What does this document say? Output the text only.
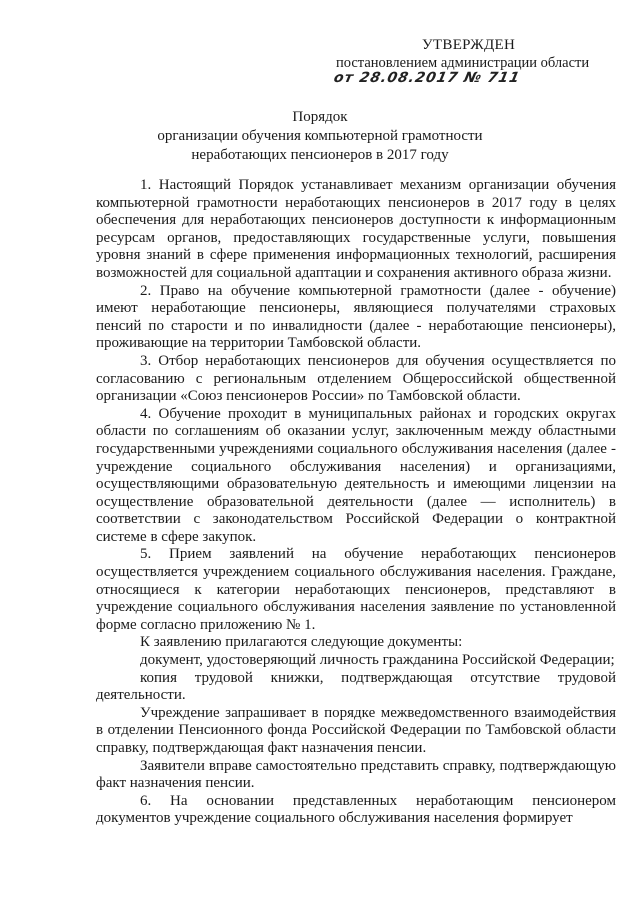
УТВЕРЖДЕН
постановлением администрации области
от 28.08.2017 № 711
Порядок
организации обучения компьютерной грамотности
неработающих пенсионеров в 2017 году

1. Настоящий Порядок устанавливает механизм организации обучения компьютерной грамотности неработающих пенсионеров в 2017 году в целях обеспечения для неработающих пенсионеров доступности к информационным ресурсам органов, предоставляющих государственные услуги, повышения уровня знаний в сфере применения информационных технологий, расширения возможностей для социальной адаптации и сохранения активного образа жизни.

2. Право на обучение компьютерной грамотности (далее - обучение) имеют неработающие пенсионеры, являющиеся получателями страховых пенсий по старости и по инвалидности (далее - неработающие пенсионеры), проживающие на территории Тамбовской области.

3. Отбор неработающих пенсионеров для обучения осуществляется по согласованию с региональным отделением Общероссийской общественной организации «Союз пенсионеров России» по Тамбовской области.

4. Обучение проходит в муниципальных районах и городских округах области по соглашениям об оказании услуг, заключенным между областными государственными учреждениями социального обслуживания населения (далее - учреждение социального обслуживания населения) и организациями, осуществляющими образовательную деятельность и имеющими лицензии на осуществление образовательной деятельности (далее — исполнитель) в соответствии с законодательством Российской Федерации о контрактной системе в сфере закупок.

5. Прием заявлений на обучение неработающих пенсионеров осуществляется учреждением социального обслуживания населения. Граждане, относящиеся к категории неработающих пенсионеров, представляют в учреждение социального обслуживания населения заявление по установленной форме согласно приложению № 1.

К заявлению прилагаются следующие документы:

документ, удостоверяющий личность гражданина Российской Федерации;

копия трудовой книжки, подтверждающая отсутствие трудовой деятельности.

Учреждение запрашивает в порядке межведомственного взаимодействия в отделении Пенсионного фонда Российской Федерации по Тамбовской области справку, подтверждающая факт назначения пенсии.

Заявители вправе самостоятельно представить справку, подтверждающую факт назначения пенсии.

6. На основании представленных неработающим пенсионером документов учреждение социального обслуживания населения формирует
